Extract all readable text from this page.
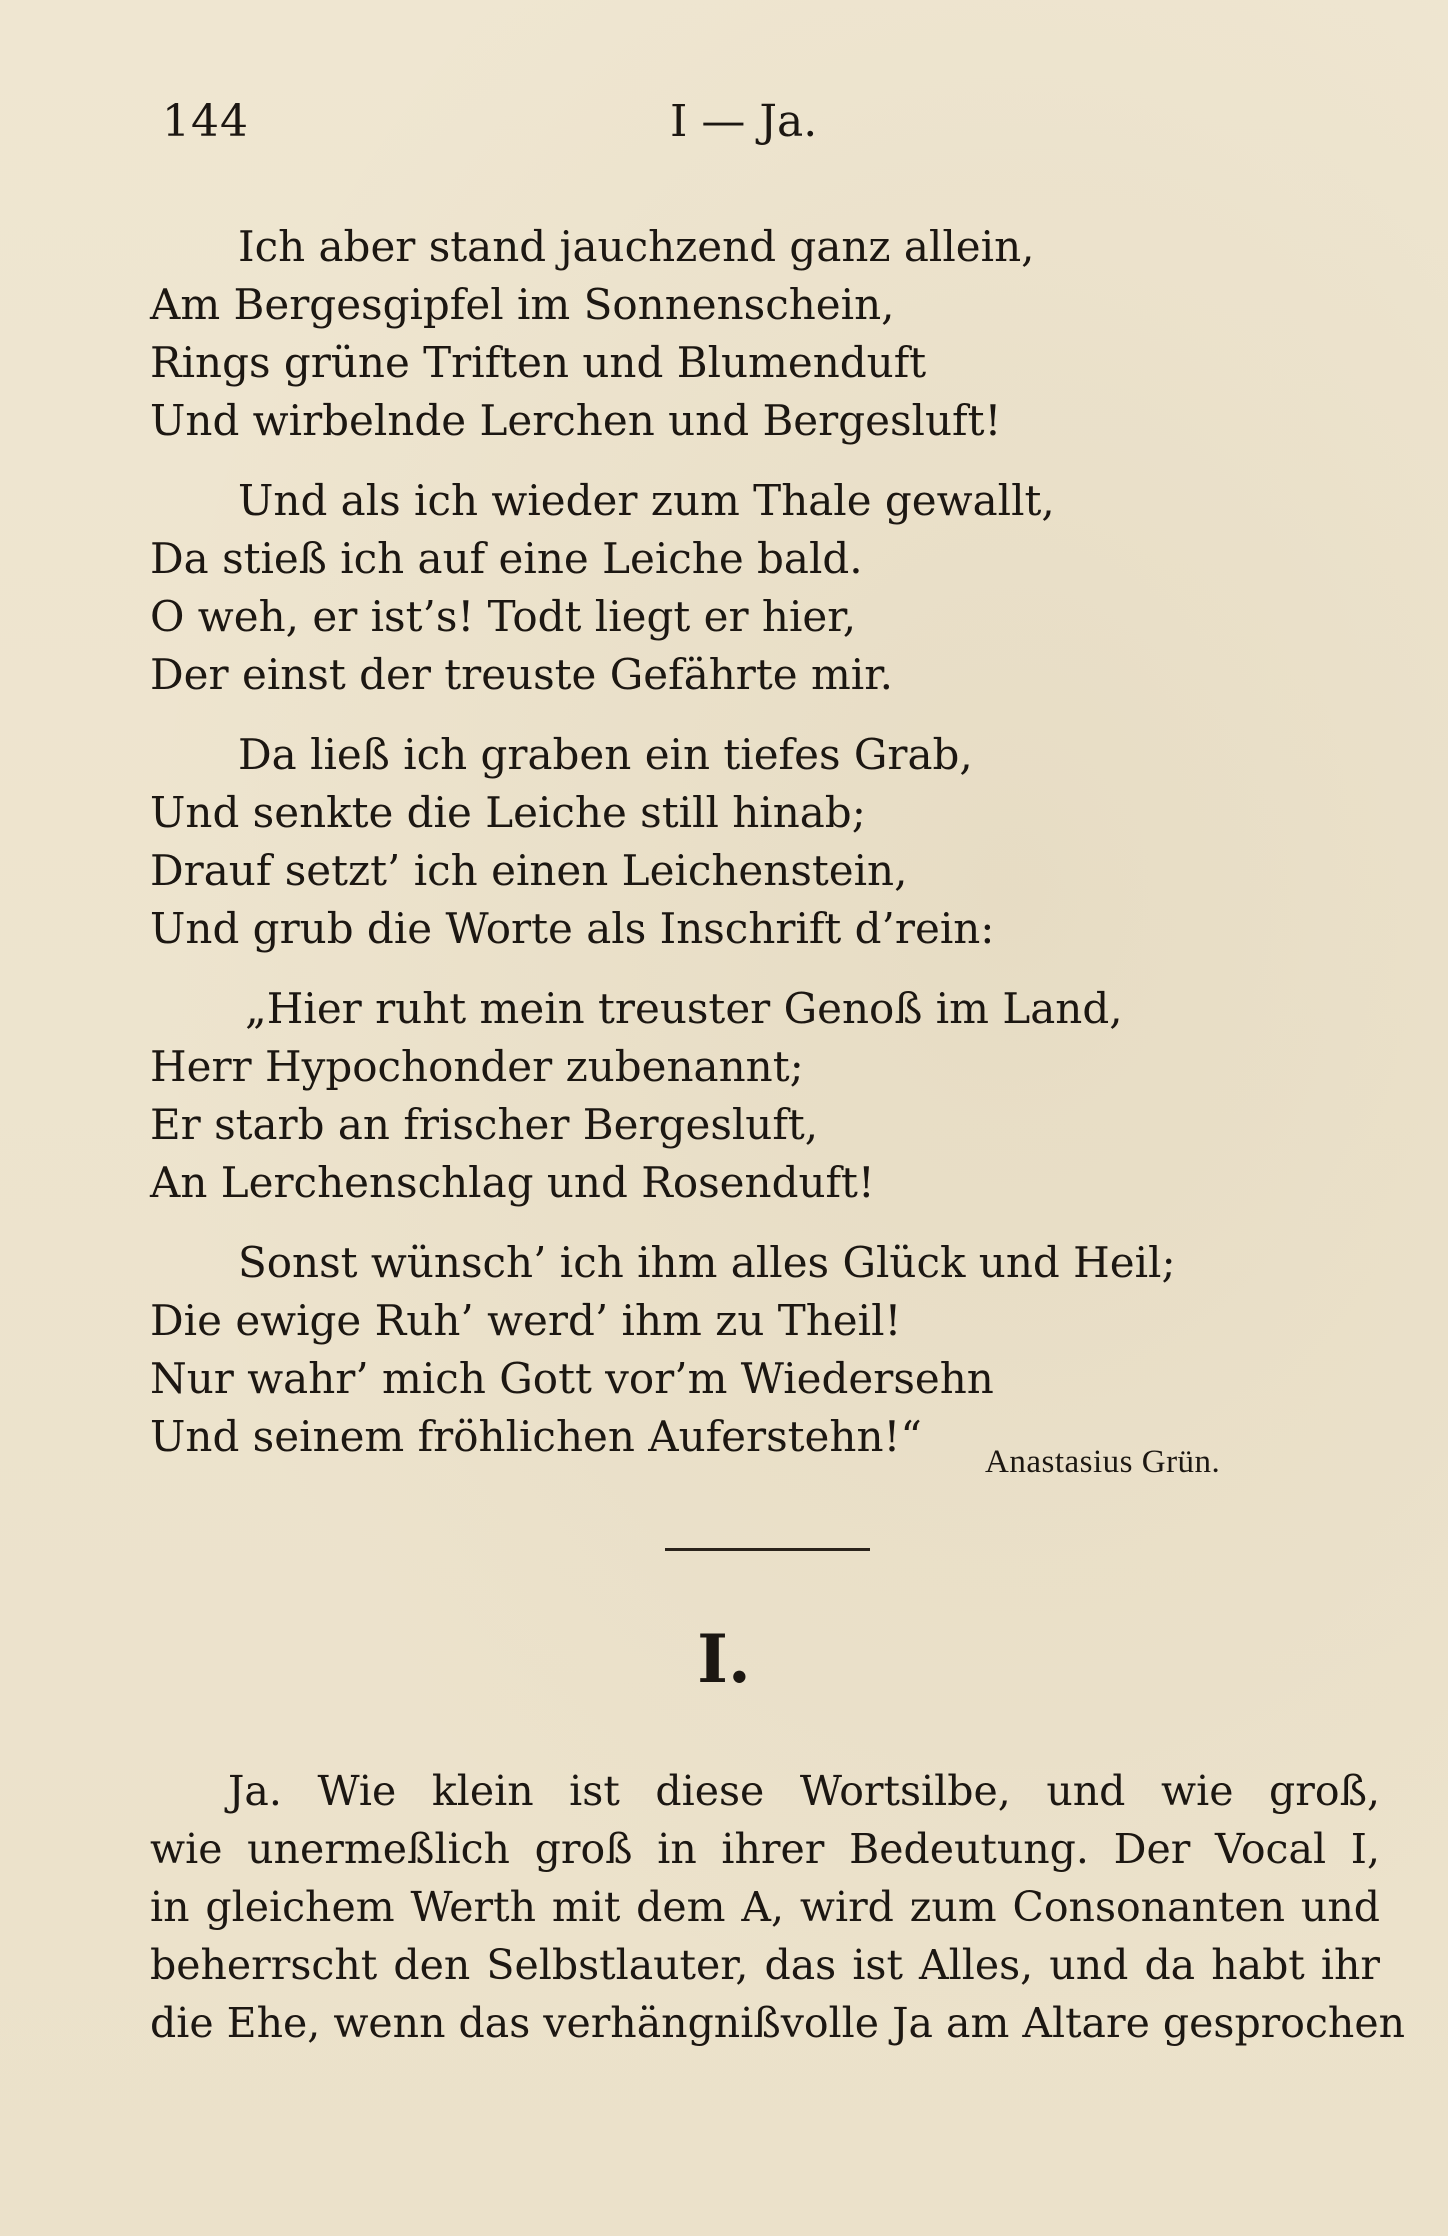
144	I — Ja.
Ich aber stand jauchzend ganz allein,
Am Bergesgipfel im Sonnenschein,
Rings grüne Triften und Blumenduft
Und wirbelnde Lerchen und Bergesluft!
Und als ich wieder zum Thale gewallt,
Da stieß ich auf eine Leiche bald.
O weh, er ist’s! Todt liegt er hier,
Der einst der treuste Gefährte mir.
Da ließ ich graben ein tiefes Grab,
Und senkte die Leiche still hinab;
Drauf setzt’ ich einen Leichenstein,
Und grub die Worte als Inschrift d’rein:
„Hier ruht mein treuster Genoß im Land,
Herr Hypochonder zubenannt;
Er starb an frischer Bergesluft,
An Lerchenschlag und Rosenduft!
Sonst wünsch’ ich ihm alles Glück und Heil;
Die ewige Ruh’ werd’ ihm zu Theil!
Nur wahr’ mich Gott vor’m Wiedersehn
Und seinem fröhlichen Auferstehn!“
Anastasius Grün.
I.
Ja. Wie klein ist diese Wortsilbe, und wie groß,
wie unermeßlich groß in ihrer Bedeutung. Der Vocal I,
in gleichem Werth mit dem A, wird zum Consonanten und
beherrscht den Selbstlauter, das ist Alles, und da habt ihr
die Ehe, wenn das verhängnißvolle Ja am Altare gesprochen
